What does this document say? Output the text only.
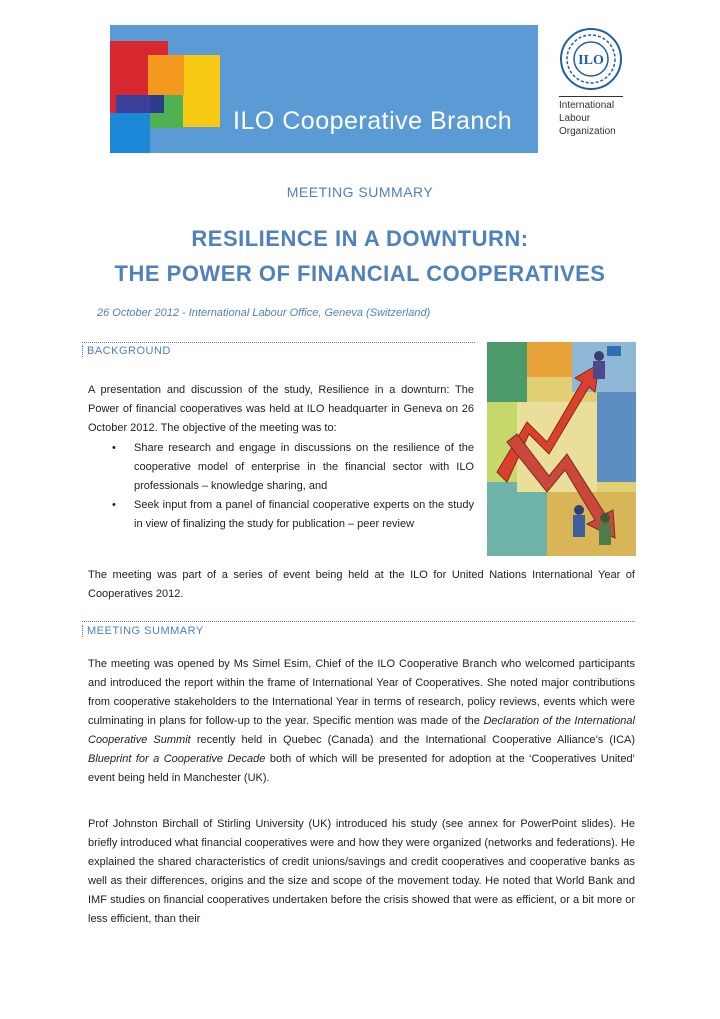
ILO Cooperative Branch
ILO
International
Labour
Organization
MEETING SUMMARY
RESILIENCE IN A DOWNTURN:
THE POWER OF FINANCIAL COOPERATIVES
26 October 2012 - International Labour Office, Geneva (Switzerland)
BACKGROUND

A presentation and discussion of the study, Resilience in a downturn: The Power of financial cooperatives was held at ILO headquarter in Geneva on 26 October 2012. The objective of the meeting was to:

• Share research and engage in discussions on the resilience of the cooperative model of enterprise in the financial sector with ILO professionals – knowledge sharing, and
• Seek input from a panel of financial cooperative experts on the study in view of finalizing the study for publication – peer review

The meeting was part of a series of event being held at the ILO for United Nations International Year of Cooperatives 2012.

MEETING SUMMARY

The meeting was opened by Ms Simel Esim, Chief of the ILO Cooperative Branch who welcomed participants and introduced the report within the frame of International Year of Cooperatives. She noted major contributions from cooperative stakeholders to the International Year in terms of research, policy reviews, events which were culminating in plans for follow-up to the year. Specific mention was made of the Declaration of the International Cooperative Summit recently held in Quebec (Canada) and the International Cooperative Alliance’s (ICA) Blueprint for a Cooperative Decade both of which will be presented for adoption at the ‘Cooperatives United’ event being held in Manchester (UK).

Prof Johnston Birchall of Stirling University (UK) introduced his study (see annex for PowerPoint slides). He briefly introduced what financial cooperatives were and how they were organized (networks and federations). He explained the shared characteristics of credit unions/savings and credit cooperatives and cooperative banks as well as their differences, origins and the size and scope of the movement today. He noted that World Bank and IMF studies on financial cooperatives undertaken before the crisis showed that were as efficient, or a bit more or less efficient, than their
